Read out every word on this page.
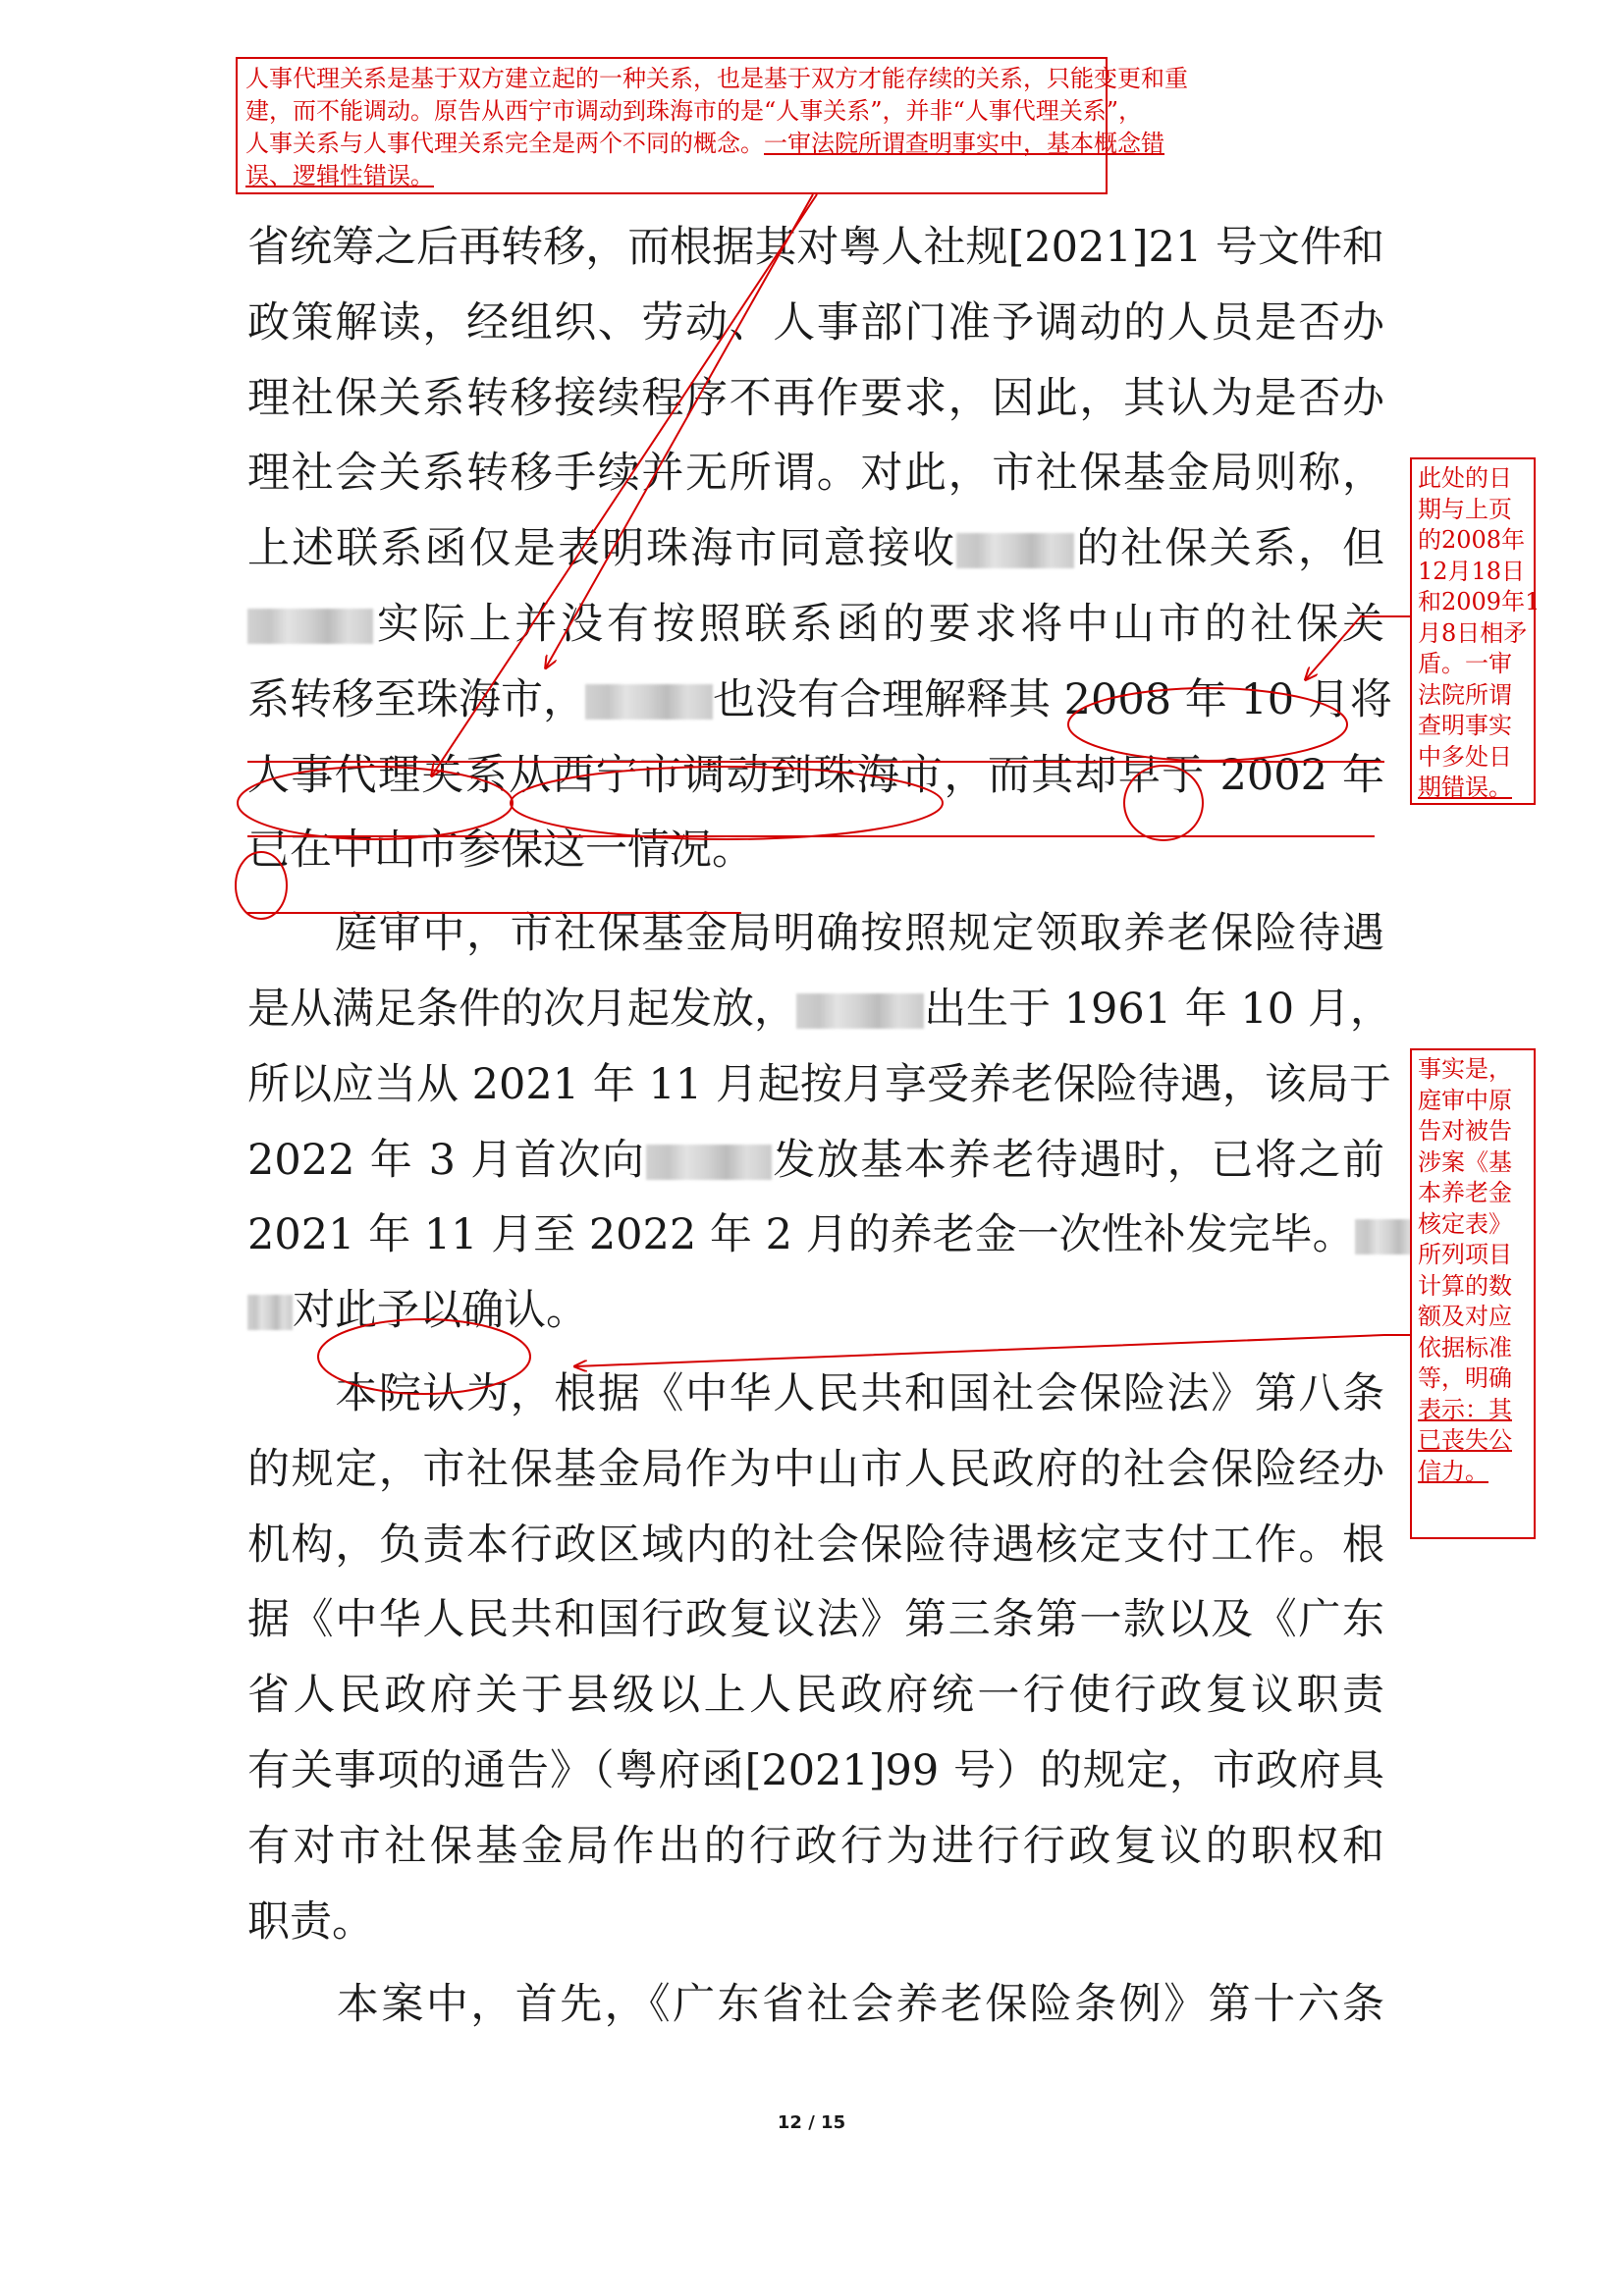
省统筹之后再转移，而根据其对粤人社规[2021]21 号文件和
政策解读，经组织、劳动、人事部门准予调动的人员是否办
理社保关系转移接续程序不再作要求，因此，其认为是否办
理社会关系转移手续并无所谓。对此，市社保基金局则称，
上述联系函仅是表明珠海市同意接收	的社保关系，但
实际上并没有按照联系函的要求将中山市的社保关
系转移至珠海市，	也没有合理解释其 2008 年 10 月将
人事代理关系从西宁市调动到珠海市，而其却早于 2002 年
已在中山市参保这一情况。
　　庭审中，市社保基金局明确按照规定领取养老保险待遇
是从满足条件的次月起发放，	出生于 1961 年 10 月，
所以应当从 2021 年 11 月起按月享受养老保险待遇，该局于
2022 年 3 月首次向	发放基本养老待遇时，已将之前
2021 年 11 月至 2022 年 2 月的养老金一次性补发完毕。
对此予以确认。
　　本院认为，根据《中华人民共和国社会保险法》第八条
的规定，市社保基金局作为中山市人民政府的社会保险经办
机构，负责本行政区域内的社会保险待遇核定支付工作。根
据《中华人民共和国行政复议法》第三条第一款以及《广东
省人民政府关于县级以上人民政府统一行使行政复议职责
有关事项的通告》（粤府函[2021]99 号）的规定，市政府具
有对市社保基金局作出的行政行为进行行政复议的职权和
职责。
　　本案中，首先，《广东省社会养老保险条例》第十六条

人事代理关系是基于双方建立起的一种关系，也是基于双方才能存续的关系，只能变更和重

建，而不能调动。原告从西宁市调动到珠海市的是“人事关系”，并非“人事代理关系”，

人事关系与人事代理关系完全是两个不同的概念。一审法院所谓查明事实中，基本概念错

误、逻辑性错误。

此处的日

期与上页

的2008年

12月18日

和2009年1

月8日相矛

盾。一审

法院所谓

查明事实

中多处日

期错误。

事实是，

庭审中原

告对被告

涉案《基

本养老金

核定表》

所列项目

计算的数

额及对应

依据标准

等，明确

表示：其

已丧失公

信力。

12 / 15
